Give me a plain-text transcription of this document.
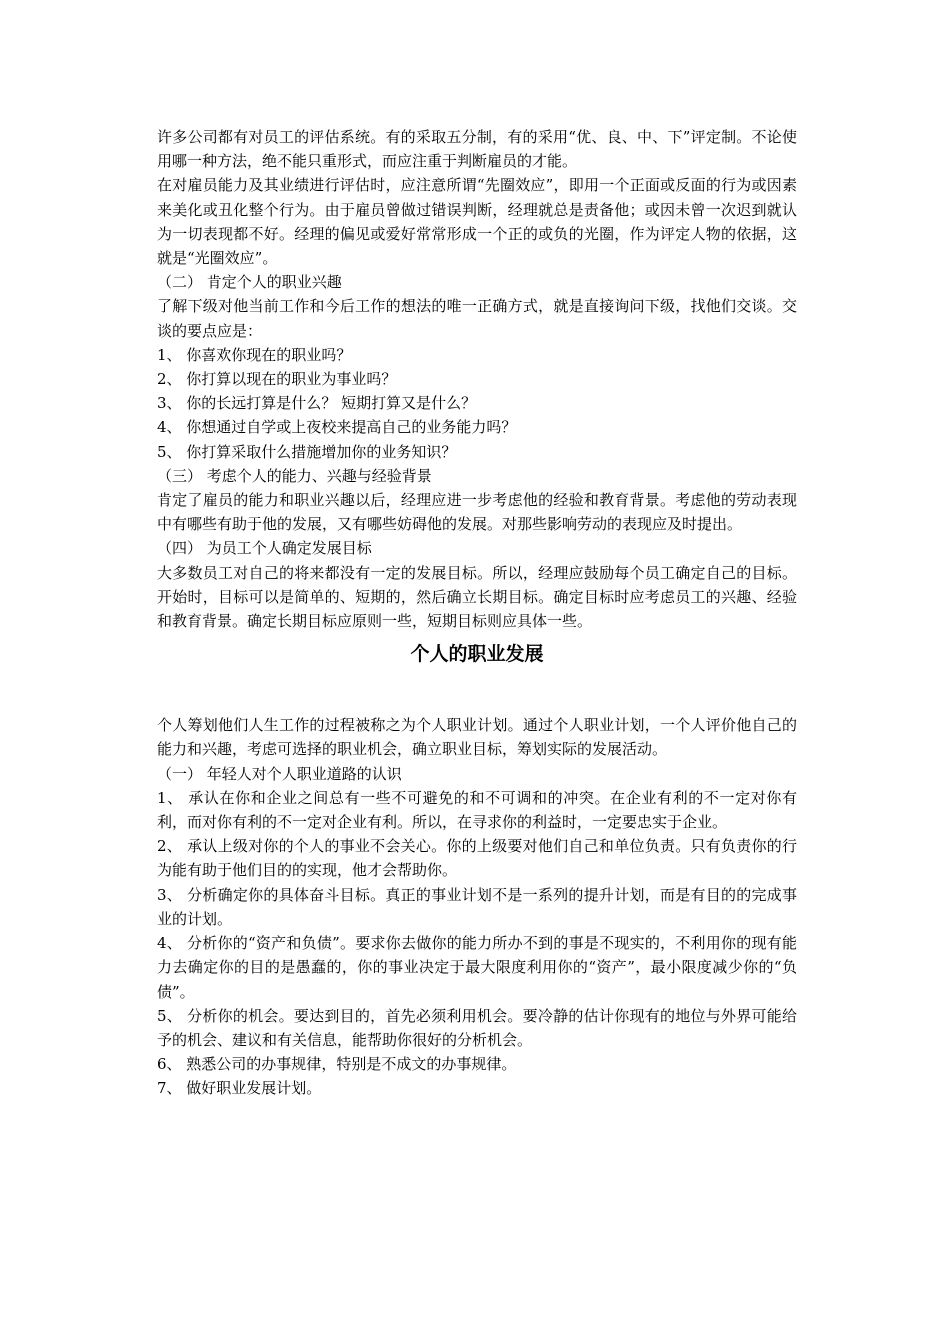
许多公司都有对员工的评估系统。有的采取五分制，有的采用“优、良、中、下”评定制。不论使用哪一种方法，绝不能只重形式，而应注重于判断雇员的才能。

在对雇员能力及其业绩进行评估时，应注意所谓“先圈效应”，即用一个正面或反面的行为或因素来美化或丑化整个行为。由于雇员曾做过错误判断，经理就总是责备他；或因未曾一次迟到就认为一切表现都不好。经理的偏见或爱好常常形成一个正的或负的光圈，作为评定人物的依据，这就是“光圈效应”。

（二） 肯定个人的职业兴趣

了解下级对他当前工作和今后工作的想法的唯一正确方式，就是直接询问下级，找他们交谈。交谈的要点应是：

1、 你喜欢你现在的职业吗？

2、 你打算以现在的职业为事业吗？

3、 你的长远打算是什么？ 短期打算又是什么？

4、 你想通过自学或上夜校来提高自己的业务能力吗？

5、 你打算采取什么措施增加你的业务知识？

（三） 考虑个人的能力、兴趣与经验背景

肯定了雇员的能力和职业兴趣以后，经理应进一步考虑他的经验和教育背景。考虑他的劳动表现中有哪些有助于他的发展，又有哪些妨碍他的发展。对那些影响劳动的表现应及时提出。

（四） 为员工个人确定发展目标

大多数员工对自己的将来都没有一定的发展目标。所以，经理应鼓励每个员工确定自己的目标。开始时，目标可以是简单的、短期的，然后确立长期目标。确定目标时应考虑员工的兴趣、经验和教育背景。确定长期目标应原则一些，短期目标则应具体一些。

个人的职业发展

个人筹划他们人生工作的过程被称之为个人职业计划。通过个人职业计划，一个人评价他自己的能力和兴趣，考虑可选择的职业机会，确立职业目标，筹划实际的发展活动。

（一） 年轻人对个人职业道路的认识

1、 承认在你和企业之间总有一些不可避免的和不可调和的冲突。在企业有利的不一定对你有利，而对你有利的不一定对企业有利。所以，在寻求你的利益时，一定要忠实于企业。

2、 承认上级对你的个人的事业不会关心。你的上级要对他们自己和单位负责。只有负责你的行为能有助于他们目的的实现，他才会帮助你。

3、 分析确定你的具体奋斗目标。真正的事业计划不是一系列的提升计划，而是有目的的完成事业的计划。

4、 分析你的“资产和负债”。要求你去做你的能力所办不到的事是不现实的，不利用你的现有能力去确定你的目的是愚蠢的，你的事业决定于最大限度利用你的“资产”，最小限度减少你的“负债”。

5、 分析你的机会。要达到目的，首先必须利用机会。要冷静的估计你现有的地位与外界可能给予的机会、建议和有关信息，能帮助你很好的分析机会。

6、 熟悉公司的办事规律，特别是不成文的办事规律。

7、 做好职业发展计划。
